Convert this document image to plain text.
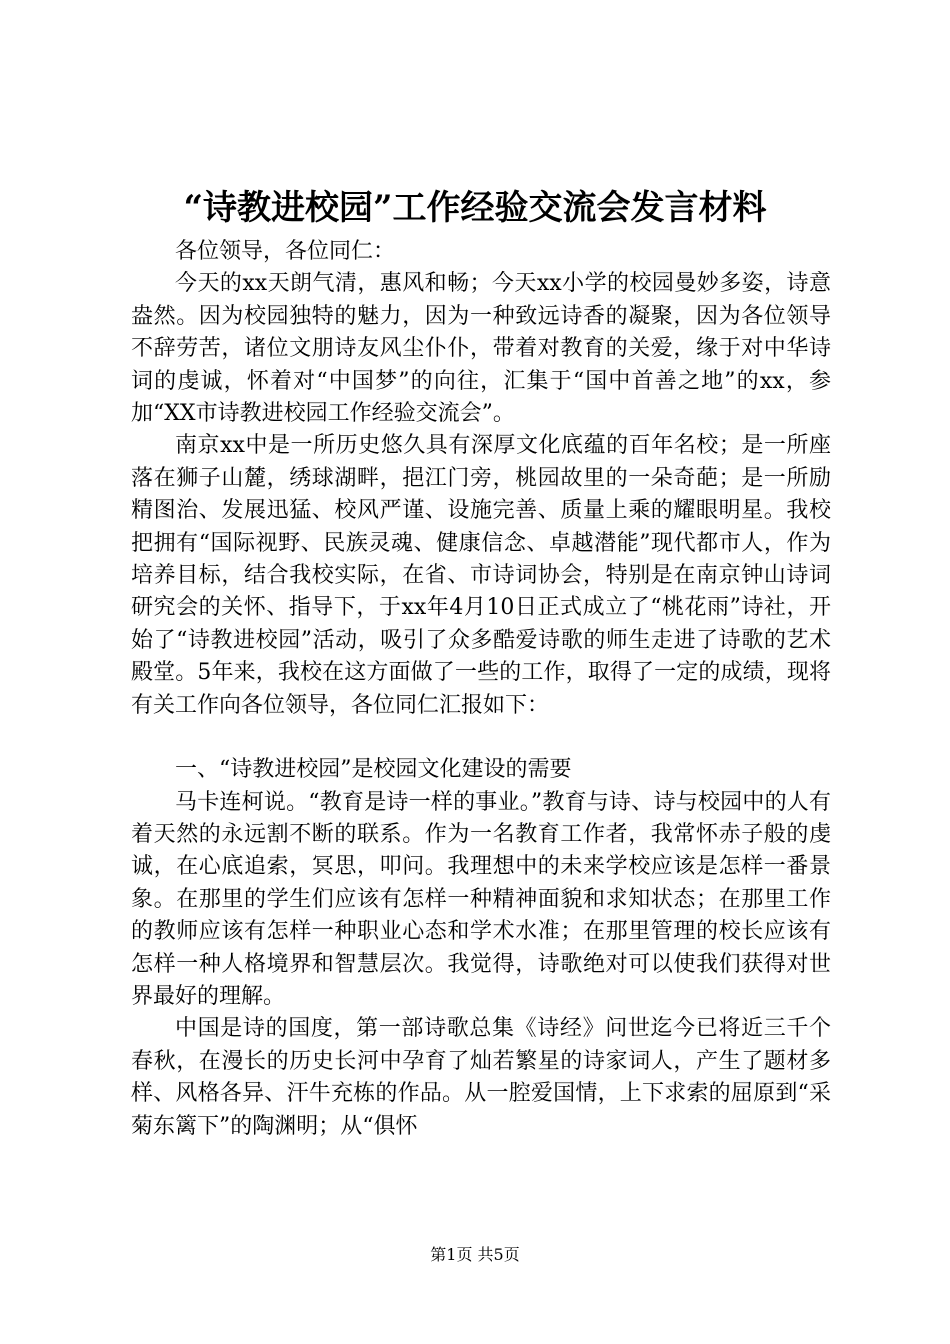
“诗教进校园”工作经验交流会发言材料

各位领导，各位同仁：

今天的xx天朗气清，惠风和畅；今天xx小学的校园曼妙多姿，诗意盎然。因为校园独特的魅力，因为一种致远诗香的凝聚，因为各位领导不辞劳苦，诸位文朋诗友风尘仆仆，带着对教育的关爱，缘于对中华诗词的虔诚，怀着对“中国梦”的向往，汇集于“国中首善之地”的xx，参加“XX市诗教进校园工作经验交流会”。

南京xx中是一所历史悠久具有深厚文化底蕴的百年名校；是一所座落在狮子山麓，绣球湖畔，挹江门旁，桃园故里的一朵奇葩；是一所励精图治、发展迅猛、校风严谨、设施完善、质量上乘的耀眼明星。我校把拥有“国际视野、民族灵魂、健康信念、卓越潜能”现代都市人，作为培养目标，结合我校实际，在省、市诗词协会，特别是在南京钟山诗词研究会的关怀、指导下，于xx年4月10日正式成立了“桃花雨”诗社，开始了“诗教进校园”活动，吸引了众多酷爱诗歌的师生走进了诗歌的艺术殿堂。5年来，我校在这方面做了一些的工作，取得了一定的成绩，现将有关工作向各位领导，各位同仁汇报如下：

一、“诗教进校园”是校园文化建设的需要

马卡连柯说。“教育是诗一样的事业。”教育与诗、诗与校园中的人有着天然的永远割不断的联系。作为一名教育工作者，我常怀赤子般的虔诚，在心底追索，冥思，叩问。我理想中的未来学校应该是怎样一番景象。在那里的学生们应该有怎样一种精神面貌和求知状态；在那里工作的教师应该有怎样一种职业心态和学术水准；在那里管理的校长应该有怎样一种人格境界和智慧层次。我觉得，诗歌绝对可以使我们获得对世界最好的理解。

中国是诗的国度，第一部诗歌总集《诗经》问世迄今已将近三千个春秋，在漫长的历史长河中孕育了灿若繁星的诗家词人，产生了题材多样、风格各异、汗牛充栋的作品。从一腔爱国情，上下求索的屈原到“采菊东篱下”的陶渊明；从“俱怀

第1页 共5页
